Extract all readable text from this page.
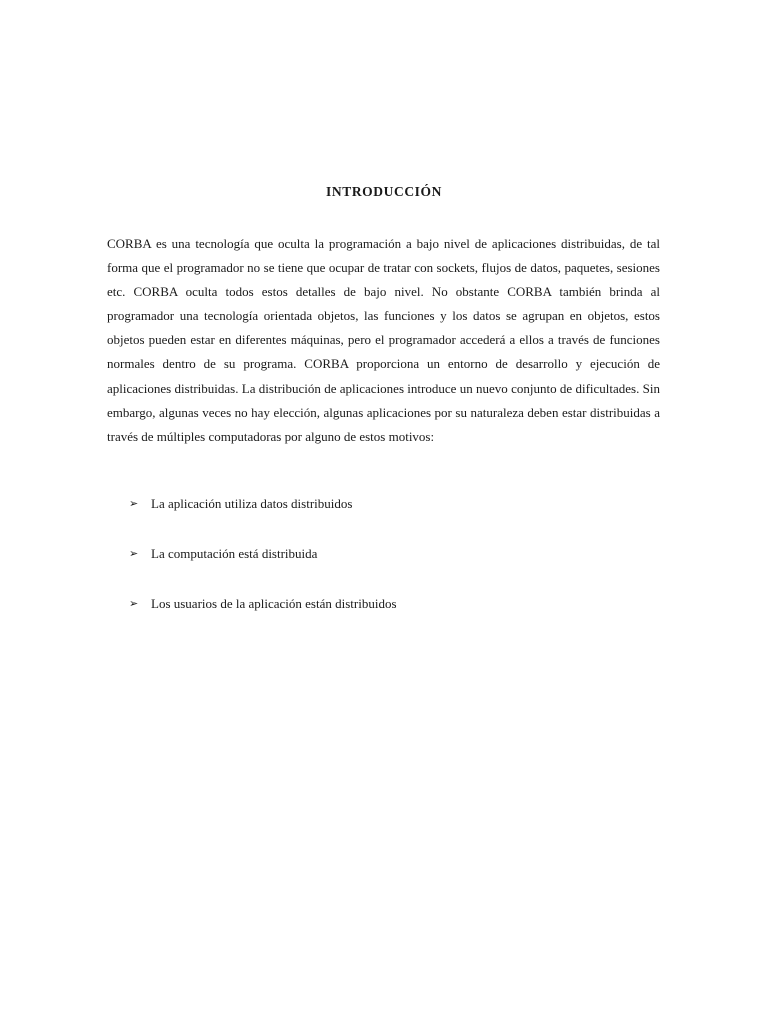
INTRODUCCIÓN

CORBA es una tecnología que oculta la programación a bajo nivel de aplicaciones distribuidas, de tal forma que el programador no se tiene que ocupar de tratar con sockets, flujos de datos, paquetes, sesiones etc. CORBA oculta todos estos detalles de bajo nivel. No obstante CORBA también brinda al programador una tecnología orientada objetos, las funciones y los datos se agrupan en objetos, estos objetos pueden estar en diferentes máquinas, pero el programador accederá a ellos a través de funciones normales dentro de su programa. CORBA proporciona un entorno de desarrollo y ejecución de aplicaciones distribuidas. La distribución de aplicaciones introduce un nuevo conjunto de dificultades. Sin embargo, algunas veces no hay elección, algunas aplicaciones por su naturaleza deben estar distribuidas a través de múltiples computadoras por alguno de estos motivos:

➢ La aplicación utiliza datos distribuidos
➢ La computación está distribuida
➢ Los usuarios de la aplicación están distribuidos
